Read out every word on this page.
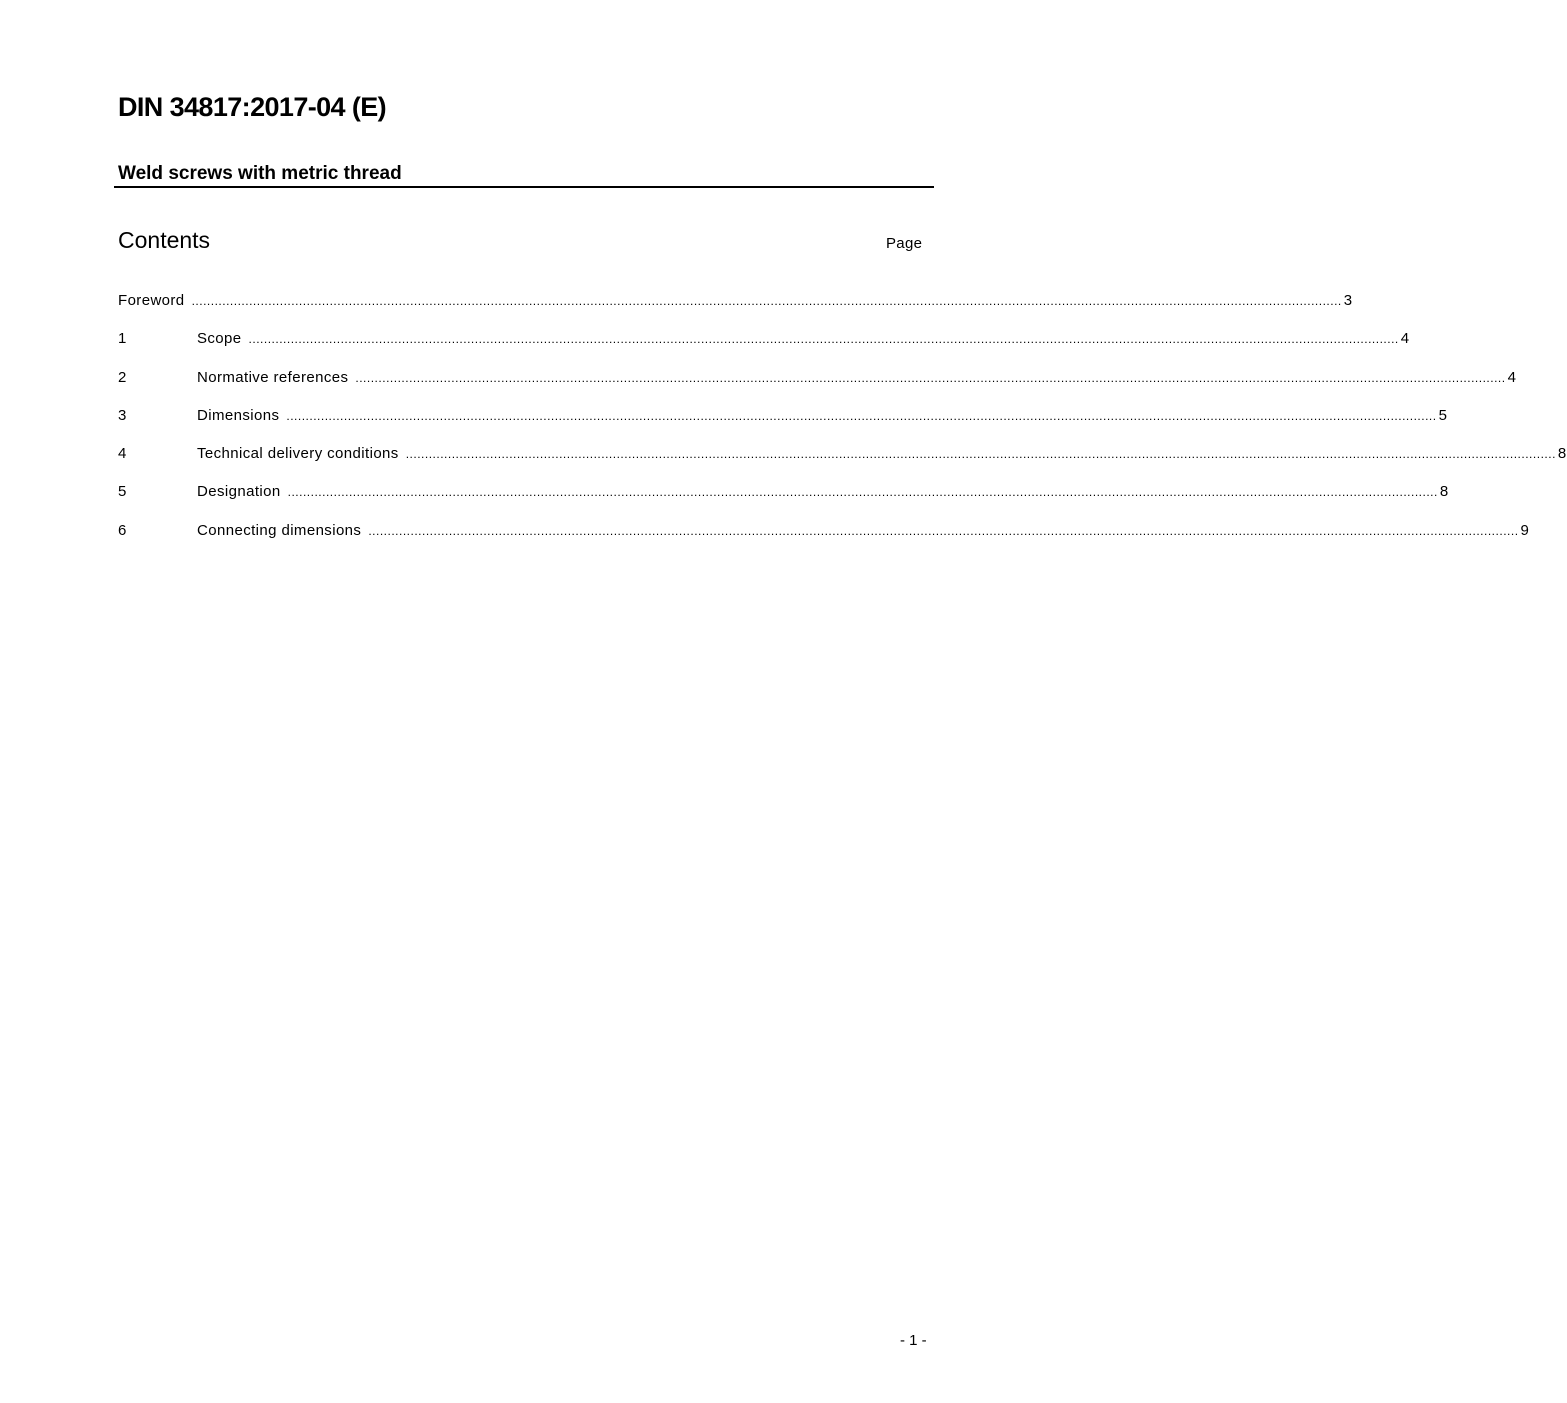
DIN 34817:2017-04 (E)
Weld screws with metric thread
Contents	Page
Foreword ............................................................................................................................................................................................................................................................................................................ 3
1	Scope ............................................................................................................................................................................................................................................................................................................ 4
2	Normative references ............................................................................................................................................................................................................................................................................................................ 4
3	Dimensions ............................................................................................................................................................................................................................................................................................................ 5
4	Technical delivery conditions ............................................................................................................................................................................................................................................................................................................ 8
5	Designation ............................................................................................................................................................................................................................................................................................................ 8
6	Connecting dimensions ............................................................................................................................................................................................................................................................................................................ 9
- 1 -
